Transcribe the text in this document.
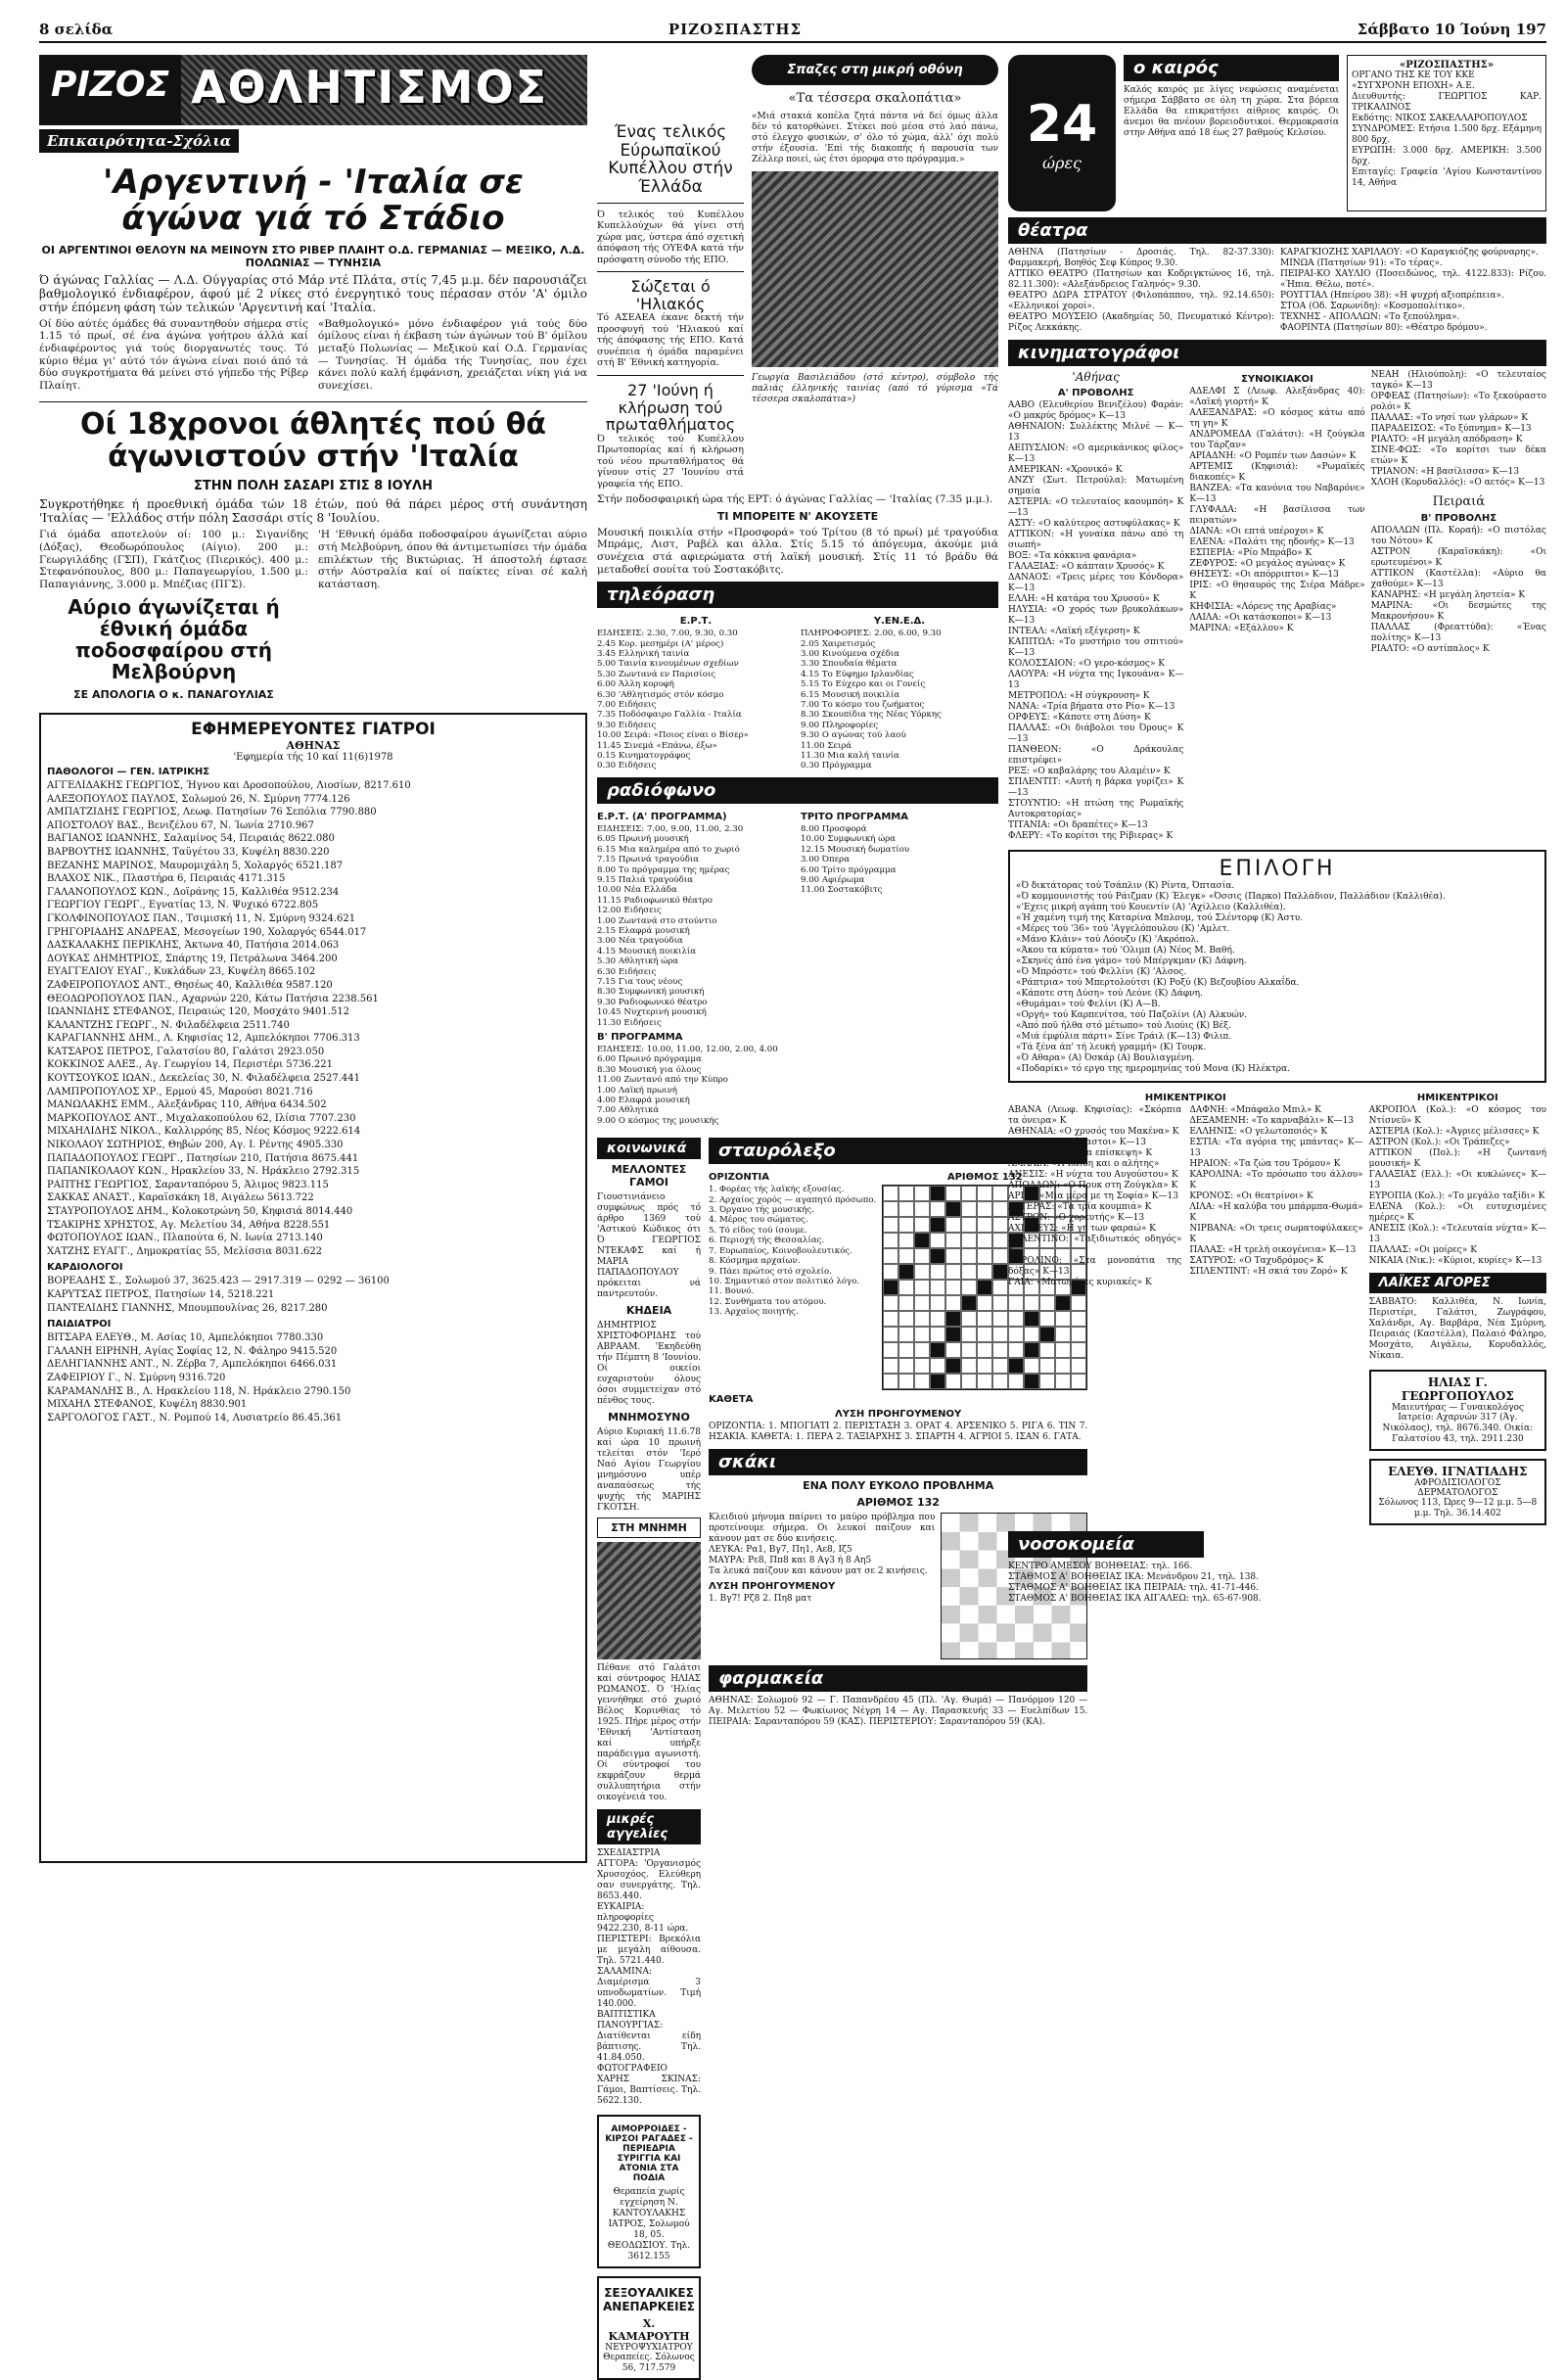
8 σελίδα	ΡΙΖΟΣΠΑΣΤΗΣ	Σάββατο 10 Ίούνη 197
ΡΙΖΟΣ ΑΘΛΗΤΙΣΜΟΣ
Επικαιρότητα-Σχόλια
'Αργεντινή - 'Ιταλία σε άγώνα γιά τό Στάδιο
ΟΙ ΑΡΓΕΝΤΙΝΟΙ ΘΕΛΟΥΝ ΝΑ ΜΕΙΝΟΥΝ ΣΤΟ ΡΙΒΕΡ ΠΛΑΙΗΤ Ο.Δ. ΓΕΡΜΑΝΙΑΣ — ΜΕΞΙΚΟ, Λ.Δ. ΠΟΛΩΝΙΑΣ — ΤΥΝΗΣΙΑ

Ό άγώνας Γαλλίας — Λ.Δ. Ούγγαρίας στό Μάρ ντέ Πλάτα, στίς 7,45 μ.μ. δέν παρουσιάζει βαθμολογικό ένδιαφέρον, άφού μέ 2 νίκες στό ένεργητικό τους πέρασαν στόν 'Α' όμιλο στήν έπόμενη φάση τών τελικών 'Αργεντινή καί 'Ιταλία.

Οί δύο αύτές όμάδες θά συναντηθούν σήμερα στίς 1.15 τό πρωί, σέ ένα άγώνα γοήτρου άλλά καί ένδιαφέροντος γιά τούς διοργανωτές τους. Τό κύριο θέμα γι' αύτό τόν άγώνα είναι ποιό άπό τά δύο συγκροτήματα θά μείνει στό γήπεδο τής Ρίβερ Πλαίητ.

«Βαθμολογικό» μόνο ένδιαφέρον γιά τούς δύο όμίλους είναι ή έκβαση τών άγώνων τού Β' όμίλου μεταξύ Πολωνίας — Μεξικού καί Ο.Δ. Γερμανίας — Τυνησίας. Ή όμάδα τής Τυνησίας, που έχει κάνει πολύ καλή έμφάνιση, χρειάζεται νίκη γιά να συνεχίσει.

Οί 18χρονοι άθλητές πού θά άγωνιστούν στήν 'Ιταλία
ΣΤΗΝ ΠΟΛΗ ΣΑΣΑΡΙ ΣΤΙΣ 8 ΙΟΥΛΗ

Συγκροτήθηκε ή προεθνική όμάδα τών 18 έτών, πού θά πάρει μέρος στή συνάντηση 'Ιταλίας — 'Ελλάδος στήν πόλη Σασσάρι στίς 8 'Ιουλίου.

Γιά όμάδα αποτελούν οί: 100 μ.: Σιγανίδης (Δόξας), Θεοδωρόπουλος (Αίγιο). 200 μ.: Γεωργιλάδης (ΓΣΠ), Γκάτζιος (Πιερικός). 400 μ.: Στεφανόπουλος, 800 μ.: Παπαγεωργίου, 1.500 μ.: Παπαγιάννης, 3.000 μ. Μπέζιας (ΠΓΣ).

Αύριο άγωνίζεται ή έθνική όμάδα ποδοσφαίρου στή Μελβούρνη
ΣΕ ΑΠΟΛΟΓΙΑ Ο κ. ΠΑΝΑΓΟΥΛΙΑΣ

'Η 'Εθνική όμάδα ποδοσφαίρου άγωνίζεται αύριο στή Μελβούρνη, όπου θά άντιμετωπίσει τήν όμάδα επιλέκτων τής Βικτώριας. Ή άποστολή έφτασε στήν Αύστραλία καί οί παίκτες είναι σέ καλή κατάσταση.

ΕΦΗΜΕΡΕΥΟΝΤΕΣ ΓΙΑΤΡΟΙ
ΑΘΗΝΑΣ
'Εφημερία τής 10 καί 11(6)1978
ΠΑΘΟΛΟΓΟΙ — ΓΕΝ. ΙΑΤΡΙΚΗΣ
ΑΓΓΕΛΙΔΑΚΗΣ ΓΕΩΡΓΙΟΣ, Ήγνου και Δροσοπούλου, Λιοσίων, 8217.610
ΑΛΕΞΟΠΟΥΛΟΣ ΠΑΥΛΟΣ, Σολωμού 26, Ν. Σμύρνη 7774.126
ΑΜΠΑΤΖΙΔΗΣ ΓΕΩΡΓΙΟΣ, Λεωφ. Πατησίων 76 Σεπόλια 7790.880
ΑΠΟΣΤΟΛΟΥ ΒΑΣ., Βενιζέλου 67, Ν. Ίωνία 2710.967
ΒΑΓΙΑΝΟΣ ΙΩΑΝΝΗΣ, Σαλαμίνος 54, Πειραιάς 8622.080
ΒΑΡΒΟΥΤΗΣ ΙΩΑΝΝΗΣ, Ταϋγέτου 33, Κυψέλη 8830.220
ΒΕΖΑΝΗΣ ΜΑΡΙΝΟΣ, Μαυρομιχάλη 5, Χολαργός 6521.187
ΒΛΑΧΟΣ ΝΙΚ., Πλαστήρα 6, Πειραιάς 4171.315
ΓΑΛΑΝΟΠΟΥΛΟΣ ΚΩΝ., Δοϊράνης 15, Καλλιθέα 9512.234
ΓΕΩΡΓΙΟΥ ΓΕΩΡΓ., Εγνατίας 13, Ν. Ψυχικό 6722.805
ΓΚΟΛΦΙΝΟΠΟΥΛΟΣ ΠΑΝ., Τσιμισκή 11, Ν. Σμύρνη 9324.621
ΓΡΗΓΟΡΙΑΔΗΣ ΑΝΔΡΕΑΣ, Μεσογείων 190, Χολαργός 6544.017
ΔΑΣΚΑΛΑΚΗΣ ΠΕΡΙΚΛΗΣ, Άκτωνα 40, Πατήσια 2014.063
ΔΟΥΚΑΣ ΔΗΜΗΤΡΙΟΣ, Σπάρτης 19, Πετράλωνα 3464.200
ΕΥΑΓΓΕΛΙΟΥ ΕΥΑΓ., Κυκλάδων 23, Κυψέλη 8665.102
ΖΑΦΕΙΡΟΠΟΥΛΟΣ ΑΝΤ., Θησέως 40, Καλλιθέα 9587.120
ΘΕΟΔΩΡΟΠΟΥΛΟΣ ΠΑΝ., Αχαρνών 220, Κάτω Πατήσια 2238.561
ΙΩΑΝΝΙΔΗΣ ΣΤΕΦΑΝΟΣ, Πειραιώς 120, Μοσχάτο 9401.512
ΚΑΛΑΝΤΖΗΣ ΓΕΩΡΓ., Ν. Φιλαδέλφεια 2511.740
ΚΑΡΑΓΙΑΝΝΗΣ ΔΗΜ., Λ. Κηφισίας 12, Αμπελόκηποι 7706.313
ΚΑΤΣΑΡΟΣ ΠΕΤΡΟΣ, Γαλατσίου 80, Γαλάτσι 2923.050
ΚΟΚΚΙΝΟΣ ΑΛΕΞ., Αγ. Γεωργίου 14, Περιστέρι 5736.221
ΚΟΥΤΣΟΥΚΟΣ ΙΩΑΝ., Δεκελείας 30, Ν. Φιλαδέλφεια 2527.441
ΛΑΜΠΡΟΠΟΥΛΟΣ ΧΡ., Ερμού 45, Μαρούσι 8021.716
ΜΑΝΩΛΑΚΗΣ ΕΜΜ., Αλεξάνδρας 110, Αθήνα 6434.502
ΜΑΡΚΟΠΟΥΛΟΣ ΑΝΤ., Μιχαλακοπούλου 62, Ιλίσια 7707.230
ΜΙΧΑΗΛΙΔΗΣ ΝΙΚΟΛ., Καλλιρρόης 85, Νέος Κόσμος 9222.614
ΝΙΚΟΛΑΟΥ ΣΩΤΗΡΙΟΣ, Θηβών 200, Αγ. Ι. Ρέντης 4905.330
ΠΑΠΑΔΟΠΟΥΛΟΣ ΓΕΩΡΓ., Πατησίων 210, Πατήσια 8675.441
ΠΑΠΑΝΙΚΟΛΑΟΥ ΚΩΝ., Ηρακλείου 33, Ν. Ηράκλειο 2792.315
ΡΑΠΤΗΣ ΓΕΩΡΓΙΟΣ, Σαρανταπόρου 5, Άλιμος 9823.115
ΣΑΚΚΑΣ ΑΝΑΣΤ., Καραϊσκάκη 18, Αιγάλεω 5613.722
ΣΤΑΥΡΟΠΟΥΛΟΣ ΔΗΜ., Κολοκοτρώνη 50, Κηφισιά 8014.440
ΤΣΑΚΙΡΗΣ ΧΡΗΣΤΟΣ, Αγ. Μελετίου 34, Αθήνα 8228.551
ΦΩΤΟΠΟΥΛΟΣ ΙΩΑΝ., Πλαπούτα 6, Ν. Ιωνία 2713.140
ΧΑΤΖΗΣ ΕΥΑΓΓ., Δημοκρατίας 55, Μελίσσια 8031.622
ΚΑΡΔΙΟΛΟΓΟΙ
ΒΟΡΕΑΔΗΣ Σ., Σολωμού 37, 3625.423 — 2917.319 — 0292 — 36100
ΚΑΡΥΤΣΑΣ ΠΕΤΡΟΣ, Πατησίων 14, 5218.221
ΠΑΝΤΕΛΙΔΗΣ ΓΙΑΝΝΗΣ, Μπουμπουλίνας 26, 8217.280
ΠΑΙΔΙΑΤΡΟΙ
ΒΙΤΣΑΡΑ ΕΛΕΥΘ., Μ. Ασίας 10, Αμπελόκηποι 7780.330
ΓΑΛΑΝΗ ΕΙΡΗΝΗ, Αγίας Σοφίας 12, Ν. Φάληρο 9415.520
ΔΕΛΗΓΙΑΝΝΗΣ ΑΝΤ., Ν. Ζέρβα 7, Αμπελόκηποι 6466.031
ΖΑΦΕΙΡΙΟΥ Γ., Ν. Σμύρνη 9316.720
ΚΑΡΑΜΑΝΛΗΣ Β., Λ. Ηρακλείου 118, Ν. Ηράκλειο 2790.150
ΜΙΧΑΗΛ ΣΤΕΦΑΝΟΣ, Κυψέλη 8830.901
ΣΑΡΓΟΛΟΓΟΣ ΓΑΣΤ., Ν. Ρομπού 14, Λυσιατρείο 86.45.361
Ένας τελικός Εύρωπαϊκού Κυπέλλου στήν Έλλάδα

Ό τελικός τού Κυπέλλου Κυπελλούχων θά γίνει στή χώρα μας, ύστερα άπό σχετική άπόφαση τής ΟΥΕΦΑ κατά τήν πρόσφατη σύνοδο τής ΕΠΟ.

Σώζεται ό 'Ηλιακός

Τό ΑΣΕΑΕΑ έκανε δεκτή τήν προσφυγή τού 'Ηλιακού καί τής άπόφασης τής ΕΠΟ. Κατά συνέπεια ή όμάδα παραμένει στή Β' Έθνική κατηγορία.

27 'Ιούνη ή κλήρωση τού πρωταθλήματος

Ό τελικός τού Κυπέλλου Πρωτοπορίας καί ή κλήρωση τού νέου πρωταθλήματος θά γίνουν στίς 27 'Ιουνίου στά γραφεία τής ΕΠΟ.

Σπαζες στη μικρή οθόνη
«Τα τέσσερα σκαλοπάτια»

«Μιά στακιά κοπέλα ζητά πάντα νά δεί όμως άλλα δέν τό κατορθώνει. Στέκει πού μέσα στό λαό πάνω, στό έλεγχο φυσικών, σ' όλο τό χώμα, άλλ' όχι πολύ στήν έξουσία. 'Επί τής διακοπής ή παρουσία των Ζέλλερ ποιεί, ώς έτσι όμορφα στο πρόγραμμα.»

Γεωργία Βασιλειάδου (στό κέντρο), σύμβολο τής παλιάς έλληνικής ταινίας (από τό γύρισμα «Τά τέσσερα σκαλοπάτια»)

Στήν ποδοσφαιρική ώρα τής ΕΡΤ: ό άγώνας Γαλλίας — 'Ιταλίας (7.35 μ.μ.).

ΤΙ ΜΠΟΡΕΙΤΕ Ν' ΑΚΟΥΣΕΤΕ

Μουσική ποικιλία στήν «Προσφορά» τού Τρίτου (8 τό πρωί) μέ τραγούδια Μπράμς, Λιστ, Ραβέλ και άλλα. Στίς 5.15 τό άπόγευμα, άκούμε μιά συνέχεια στά αφιερώματα στή λαϊκή μουσική. Στίς 11 τό βράδυ θά μεταδοθεί σουίτα τού Σοστακόβιτς.

τηλεόραση
Ε.Ρ.Τ.
ΕΙΔΗΣΕΙΣ: 2.30, 7.00, 9.30, 0.30
2.45 Κορ. μεσημέρι (Α' μέρος)
3.45 Ελληνική ταινία
5.00 Ταινία κινουμένων σχεδίων
5.30 Ζωντανά εν Παρισίοις
6.00 Άλλη κορυφή
6.30 'Αθλητισμός στόν κόσμο
7.00 Ειδήσεις
7.35 Ποδόσφαιρο Γαλλία - Ιταλία
9.30 Ειδήσεις
10.00 Σειρά: «Ποιος είναι ο Βίσερ»
11.45 Σινεμά «Επάνω, έξω»
0.15 Κινηματογράφος
0.30 Ειδήσεις
Υ.ΕΝ.Ε.Δ.
ΠΛΗΡΟΦΟΡΙΕΣ: 2.00, 6.00, 9.30
2.05 Χαιρετισμός
3.00 Κινούμενα σχέδια
3.30 Σπουδαία θέματα
4.15 Το Εύφημο Ιρλανδίας
5.15 Το Εύχερο και οι Γονείς
6.15 Μουσική ποικιλία
7.00 Το κόσμο του ζωήματος
8.30 Σκουπίδια της Νέας Υόρκης
9.00 Πληροφορίες
9.30 Ο αγώνας τού λαού
11.00 Σειρά
11.30 Μια καλή ταινία
0.30 Πρόγραμμα
ραδιόφωνο
Ε.Ρ.Τ. (Α' ΠΡΟΓΡΑΜΜΑ)
ΕΙΔΗΣΕΙΣ: 7.00, 9.00, 11.00, 2.30
6.05 Πρωινή μουσική
6.15 Μια καλημέρα από το χωριό
7.15 Πρωινά τραγούδια
8.00 Το πρόγραμμα της ημέρας
9.15 Παλιά τραγούδια
10.00 Νέα Ελλάδα
11.15 Ραδιοφωνικό θέατρο
12.00 Ειδήσεις
1.00 Ζωντανά στο στούντιο
2.15 Ελαφρά μουσική
3.00 Νέα τραγούδια
4.15 Μουσική ποικιλία
5.30 Αθλητική ώρα
6.30 Ειδήσεις
7.15 Για τους νέους
8.30 Συμφωνική μουσική
9.30 Ραδιοφωνικό θέατρο
10.45 Νυχτερινή μουσική
11.30 Ειδήσεις
Β' ΠΡΟΓΡΑΜΜΑ
ΕΙΔΗΣΕΙΣ: 10.00, 11.00, 12.00, 2.00, 4.00
6.00 Πρωινό πρόγραμμα
8.30 Μουσική για όλους
11.00 Ζωντανό από την Κύπρο
1.00 Λαϊκή πρωινή
4.00 Ελαφρά μουσική
7.00 Αθλητικά
9.00 Ο κόσμος της μουσικής
ΤΡΙΤΟ ΠΡΟΓΡΑΜΜΑ
8.00 Προσφορά
10.00 Συμφωνική ώρα
12.15 Μουσική δωματίου
3.00 Όπερα
6.00 Τρίτο πρόγραμμα
9.00 Αφιέρωμα
11.00 Σοστακόβιτς
κοινωνικά
ΜΕΛΛΟΝΤΕΣ ΓΑΜΟΙ

Γιουστινιάνειο συμφώνως πρός τό άρθρο 1369 τού 'Αστικού Κώδικος ότι Ό ΓΕΩΡΓΙΟΣ ΝΤΕΚΑΦΣ καί ή ΜΑΡΙΑ ΠΑΠΑΔΟΠΟΥΛΟΥ πρόκειται νά παντρευτούν.

ΚΗΔΕΙΑ

ΔΗΜΗΤΡΙΟΣ ΧΡΙΣΤΟΦΟΡΙΔΗΣ τού ΑΒΡΑΑΜ. 'Εκηδεύθη τήν Πέμπτη 8 'Ιουνίου. Οί οικείοι ευχαριστούν όλους όσοι συμμετείχαν στό πένθος τους.

ΜΝΗΜΟΣΥΝΟ

Αύριο Κυριακή 11.6.78 καί ώρα 10 πρωινή τελείται στόν 'Ιερό Ναό Αγίου Γεωργίου μνημόσυνο υπέρ αναπαύσεως τής ψυχής τής ΜΑΡΙΗΣ ΓΚΟΤΣΗ.

ΣΤΗ ΜΝΗΜΗ

Πέθανε στό Γαλάτσι καί σύντροφος ΗΛΙΑΣ ΡΩΜΑΝΟΣ. Ό 'Ηλίας γεννήθηκε στό χωριό Βέλος Κορινθίας τό 1925. Πήρε μέρος στήν 'Εθνική 'Αντίσταση καί υπήρξε παράδειγμα αγωνιστή. Οί σύντροφοί του εκφράζουν θερμά συλλυπητήρια στήν οικογένειά του.

μικρές αγγελίες
ΣΧΕΔΙΑΣΤΡΙΑ ΑΓΓΟΡΑ: 'Οργανισμός Χρυσοχόος. Ελεύθερη σαν συνεργάτης. Τηλ. 8653.440.
ΕΥΚΑΙΡΙΑ: πληροφορίες 9422.230, 8-11 ώρα.
ΠΕΡΙΣΤΕΡΙ: Βρεκόλια με μεγάλη αίθουσα. Τηλ. 5721.440.
ΣΑΛΑΜΙΝΑ: Διαμέρισμα 3 υπνοδωματίων. Τιμή 140.000.
ΒΑΠΤΙΣΤΙΚΑ ΠΑΝΟΥΡΓΙΑΣ: Διατίθενται είδη βάπτισης. Τηλ. 41.84.050.
ΦΩΤΟΓΡΑΦΕΙΟ ΧΑΡΗΣ ΣΚΙΝΑΣ: Γάμοι, Βαπτίσεις. Τηλ. 5622.130.
ΑΙΜΟΡΡΟΙΔΕΣ - ΚΙΡΣΟΙ ΡΑΓΑΔΕΣ - ΠΕΡΙΕΔΡΙΑ ΣΥΡΙΓΓΙΑ ΚΑΙ ΑΤΟΝΙΑ ΣΤΑ ΠΟΔΙΑ

Θεραπεία χωρίς εγχείρηση Ν. ΚΑΝΤΟΥΛΑΚΗΣ ΙΑΤΡΟΣ, Σολωμού 18, 05. ΘΕΟΔΩΣΙΟΥ. Τηλ. 3612.155

ΣΕΞΟΥΑΛΙΚΕΣ ΑΝΕΠΑΡΚΕΙΕΣ
Χ. ΚΑΜΑΡΟΥΤΗ
ΝΕΥΡΟΨΥΧΙΑΤΡΟΥ

Θεραπείες. Σόλωνος 56, 717.579

σταυρόλεξο
ΟΡΙΖΟΝΤΙΑ
1. Φορέας τής λαϊκής εξουσίας.
2. Αρχαίος χορός — αγαπητό πρόσωπο.
3. Όργανο τής μουσικής.
4. Μέρος του σώματος.
5. Τό είδος τού ίσουμε.
6. Περιοχή τής Θεσσαλίας.
7. Ευρωπαίος, Κοινοβουλευτικός.
8. Κόσμημα αρχαίων.
9. Πάει πρώτος στό σχολείο.
10. Σημαντικό στον πολιτικό λόγο.
11. Βουνό.
12. Συνθήματα του ατόμου.
13. Αρχαίος ποιητής.
ΑΡΙΘΜΟΣ 132
ΚΑΘΕΤΑ
ΛΥΣΗ ΠΡΟΗΓΟΥΜΕΝΟΥ

ΟΡΙΖΟΝΤΙΑ: 1. ΜΠΟΓΙΑΤΙ 2. ΠΕΡΙΣΤΑΣΗ 3. ΟΡΑΤ 4. ΑΡΣΕΝΙΚΟ 5. ΡΙΓΑ 6. ΤΙΝ 7. ΗΣΑΚΙΑ. ΚΑΘΕΤΑ: 1. ΠΕΡΑ 2. ΤΑΞΙΑΡΧΗΣ 3. ΣΠΑΡΤΗ 4. ΑΓΡΙΟΙ 5. ΙΣΑΝ 6. ΓΑΤΑ.

σκάκι
ΕΝΑ ΠΟΛΥ ΕΥΚΟΛΟ ΠΡΟΒΛΗΜΑ
ΑΡΙΘΜΟΣ 132

Κλειδιού μήνυμα παίρνει το μαύρο πρόβλημα που προτείνουμε σήμερα. Οι λευκοί παίζουν και κάνουν ματ σε δύο κινήσεις.

ΛΕΥΚΑ: Ρα1, Βγ7, Πη1, Αε8, Ιζ5

ΜΑΥΡΑ: Ρε8, Ππ8 και 8 Αγ3 ή 8 Αη5

Τα λευκά παίζουν και κάνουν ματ σε 2 κινήσεις.

ΛΥΣΗ ΠΡΟΗΓΟΥΜΕΝΟΥ

1. Βγ7! Ρζ8 2. Πη8 ματ

φαρμακεία

ΑΘΗΝΑΣ: Σολωμού 92 — Γ. Παπανδρέου 45 (Πλ. 'Αγ. Θωμά) — Πανόρμου 120 — Αγ. Μελετίου 52 — Φωκίωνος Νέγρη 14 — Αγ. Παρασκευής 33 — Ευελπίδων 15. ΠΕΙΡΑΙΑ: Σαρανταπόρου 59 (ΚΑΣ). ΠΕΡΙΣΤΕΡΙΟΥ: Σαρανταπόρου 59 (ΚΑ).

24
ώρες
ο καιρός

Καλός καιρός με λίγες νεφώσεις αναμένεται σήμερα Σάββατο σε όλη τη χώρα. Στα βόρεια Ελλάδα θα επικρατήσει αίθριος καιρός. Οι άνεμοι θα πνέουν βορειοδυτικοί. Θερμοκρασία στην Αθήνα από 18 έως 27 βαθμούς Κελσίου.

«ΡΙΖΟΣΠΑΣΤΗΣ»
ΟΡΓΑΝΟ ΤΗΣ ΚΕ ΤΟΥ ΚΚΕ
«ΣΥΓΧΡΟΝΗ ΕΠΟΧΗ» Α.Ε.
Διευθυντής: ΓΕΩΡΓΙΟΣ ΚΑΡ. ΤΡΙΚΑΛΙΝΟΣ
Εκδότης: ΝΙΚΟΣ ΣΑΚΕΛΛΑΡΟΠΟΥΛΟΣ
ΣΥΝΔΡΟΜΕΣ: Ετήσια 1.500 δρχ. Εξάμηνη 800 δρχ.
ΕΥΡΩΠΗ: 3.000 δρχ. ΑΜΕΡΙΚΗ: 3.500 δρχ.
Επιταγές: Γραφεία 'Αγίου Κωνσταντίνου 14, Αθήνα
θέατρα
ΑΘΗΝΑ (Πατησίων - Δροσιάς. Τηλ. 82-37.330): Φαρμακερή, Βοηθός Σεφ Κύπρος 9.30.
ΑΤΤΙΚΟ ΘΕΑΤΡΟ (Πατησίων και Κοδριγκτώνος 16, τηλ. 82.11.300): «Αλεξάνδρειος Γαληνός» 9.30.
ΘΕΑΤΡΟ ΔΩΡΑ ΣΤΡΑΤΟΥ (Φιλοπάππου, τηλ. 92.14.650): «Ελληνικοί χοροί».
ΘΕΑΤΡΟ ΜΟΥΣΕΙΟ (Ακαδημίας 50, Πνευματικό Κέντρο): Ρίζος Λεκκάκης.
ΚΑΡΑΓΚΙΟΖΗΣ ΧΑΡΙΛΑΟΥ: «Ο Καραγκιόζης φούρναρης».
ΜΙΝΩΑ (Πατησίων 91): «Το τέρας».
ΠΕΙΡΑΙ-ΚΟ ΧΑΥΛΙΟ (Ποσειδώνος, τηλ. 4122.833): Ρίζου. «Ήπια. Θέλω, ποτέ».
ΡΟΥΓΓΙΑΛ (Ηπείρου 38): «Η ψυχρή αξιοπρέπεια».
ΣΤΟΑ (Οδ. Σαρωνίδη): «Κοσμοπολίτικο».
ΤΕΧΝΗΣ - ΑΠΟΛΛΩΝ: «Το ξεπούλημα».
ΦΑΟΡΙΝΤΑ (Πατησίων 80): «Θέατρο δρόμου».
κινηματογράφοι
'Αθήνας
Α' ΠΡΟΒΟΛΗΣ
ΑΑΒΟ (Ελευθερίου Βενιζέλου) Φαράν: «Ο μακρύς δρόμος» Κ—13
ΑΘΗΝΑΙΟΝ: Συλλέκτης Μιλνέ — Κ—13
ΑΕΠΥΣΛΙΟΝ: «Ο αμερικάνικος φίλος» Κ—13
ΑΜΕΡΙΚΑΝ: «Χρονικό» Κ
ΑΝΖΥ (Σωτ. Πετρούλα): Ματωμένη σημαία
ΑΣΤΕΡΙΑ: «Ο τελευταίος καουμπόη» Κ—13
ΑΣΤΥ: «Ο καλύτερος αστυφύλακας» Κ
ΑΤΤΙΚΟΝ: «Η γυναίκα πάνω από τη σιωπή»
ΒΟΞ: «Τα κόκκινα φανάρια»
ΓΑΛΑΞΙΑΣ: «Ο κάπταιν Χρυσός» Κ
ΔΑΝΑΟΣ: «Τρεις μέρες του Κόνδορα» Κ—13
ΕΛΛΗ: «Η κατάρα του Χρυσού» Κ
ΗΛΥΣΙΑ: «Ο χορός των βρυκολάκων» Κ—13
ΙΝΤΕΑΛ: «Λαϊκή εξέγερση» Κ
ΚΑΠΙΤΩΛ: «Το μυστήριο του σπιτιού» Κ—13
ΚΟΛΟΣΣΑΙΟΝ: «Ο γερο-κόσμος» Κ
ΛΑΟΥΡΑ: «Η νύχτα της Ιγκουάνα» Κ—13
ΜΕΤΡΟΠΟΛ: «Η σύγκρουση» Κ
ΝΑΝΑ: «Τρία βήματα στο Ρίο» Κ—13
ΟΡΦΕΥΣ: «Κάποτε στη Δύση» Κ
ΠΑΛΛΑΣ: «Οι διάβολοι του Όρους» Κ—13
ΠΑΝΘΕΟΝ: «Ο Δράκουλας επιστρέφει»
ΡΕΞ: «Ο καβαλάρης του Αλαμέιν» Κ
ΣΠΛΕΝΤΙΤ: «Αυτή η βάρκα γυρίζει» Κ—13
ΣΤΟΥΝΤΙΟ: «Η πτώση της Ρωμαϊκής Αυτοκρατορίας»
ΤΙΤΑΝΙΑ: «Οι δραπέτες» Κ—13
ΦΛΕΡΥ: «Το κορίτσι της Ρίβιερας» Κ
ΣΥΝΟΙΚΙΑΚΟΙ
ΑΔΕΛΦΙ Σ (Λεωφ. Αλεξάνδρας 40): «Λαϊκή γιορτή» Κ
ΑΛΕΞΑΝΔΡΑΣ: «Ο κόσμος κάτω από τη γη» Κ
ΑΝΔΡΟΜΕΔΑ (Γαλάτσι): «Η ζούγκλα του Τάρζαν»
ΑΡΙΑΔΝΗ: «Ο Ρομπέν των Δασών» Κ
ΑΡΤΕΜΙΣ (Κηφισιά): «Ρωμαϊκές διακοπές» Κ
ΒΑΝΖΕΑ: «Τα κανόνια του Ναβαρόνε» Κ—13
ΓΛΥΦΑΔΑ: «Η βασίλισσα των πειρατών»
ΔΙΑΝΑ: «Οι επτά υπέροχοι» Κ
ΕΛΕΝΑ: «Παλάτι της ηδονής» Κ—13
ΕΣΠΕΡΙΑ: «Ρίο Μπράβο» Κ
ΖΕΦΥΡΟΣ: «Ο μεγάλος αγώνας» Κ
ΘΗΣΕΥΣ: «Οι απόρριπτοι» Κ—13
ΙΡΙΣ: «Ο θησαυρός της Σιέρα Μάδρε» Κ
ΚΗΦΙΣΙΑ: «Λόρενς της Αραβίας»
ΛΑΙΛΑ: «Οι κατάσκοποι» Κ—13
ΜΑΡΙΝΑ: «Εξάλλου» Κ
ΝΕΑΗ (Ηλιούπολη): «Ο τελευταίος ταγκό» Κ—13
ΟΡΦΕΑΣ (Πατησίων): «Το ξεκούραστο ρολόι» Κ
ΠΑΛΛΑΣ: «Το νησί των γλάρων» Κ
ΠΑΡΑΔΕΙΣΟΣ: «Το ξύπνημα» Κ—13
ΡΙΑΛΤΟ: «Η μεγάλη απόδραση» Κ
ΣΙΝΕ-ΦΩΣ: «Το κορίτσι των δέκα ετών» Κ
ΤΡΙΑΝΟΝ: «Η βασίλισσα» Κ—13
ΧΛΟΗ (Κορυδαλλός): «Ο αετός» Κ—13
Πειραιά
Β' ΠΡΟΒΟΛΗΣ
ΑΠΟΛΛΩΝ (Πλ. Κοραή): «Ο πιστόλας του Νότου» Κ
ΑΣΤΡΟΝ (Καραϊσκάκη): «Οι ερωτευμένοι» Κ
ΑΤΤΙΚΟΝ (Καστέλλα): «Αύριο θα χαθούμε» Κ—13
ΚΑΝΑΡΗΣ: «Η μεγάλη ληστεία» Κ
ΜΑΡΙΝΑ: «Οι δεσμώτες της Μακρονήσου» Κ
ΠΑΛΛΑΣ (Φρεαττύδα): «Ένας πολίτης» Κ—13
ΡΙΑΛΤΟ: «Ο αντίπαλος» Κ
ΕΠΙΛΟΓΗ
«Ό δικτάτορας τού Τσάπλιν (Κ) Ρίντα, Όπτασία.
«Ό κομμουνιστής τού Ράιζμαν (Κ) Έλεγκ» «Όσσις (Παρκο) Παλλάδιον, Παλλάδιον (Καλλιθέα).
«'Εχεις μικρή αγάπη τού Κουεντίν (Α) 'Αχίλλειο (Καλλιθέα).
«Ή χαμένη τιμή της Καταρίνα Μπλουμ, τού Σλέντορφ (Κ) Άστυ.
«Μέρες τού '36» τού 'Αγγελόπουλου (Κ) 'Αμλετ.
«Μάνο Κλάιν» τού Λόουζυ (Κ) 'Ακρόπολ.
«Άκου τα κύματα» τού 'Ολιμπ (Α) Νέος Μ. Βαθή.
«Σκηνές άπό ένα γάμο» τού Μπέργκμαν (Κ) Δάφνη.
«Ό Μπρόστε» τού Φελλίνι (Κ) 'Αλσος.
«Ράπτρια» τού Μπερτολούτσι (Κ) Ροξύ (Κ) Βεζουβίου Αλκαΐδα.
«Κάποτε στη Δύση» τού Λεόνε (Κ) Δάφνη.
«Θυμάμαι» τού Φελίνι (Κ) Α—Β.
«Οργή» τού Καρπενίτσα, τού Παζολίνι (Α) Αλκυών.
«Άπό ποϋ ήλθα στό μέτωπο» τού Λιούις (Κ) Βέξ.
«Μιά έμφύλια πάρτι» Σίνε Τράιλ (Κ—13) Φιλιπ.
«Τά ξένα άπ' τή λευκή γραμμή» (Κ) Τουρκ.
«Ό Αθαρα» (Α) Όσκάρ (Α) Βουλιαγμένη.
«Ποδαρίκι» τό εργο της ημερομηνίας τού Μονα (Κ) Ηλέκτρα.
ΗΜΙΚΕΝΤΡΙΚΟΙ
ΑΒΑΝΑ (Λεωφ. Κηφισίας): «Σκόρπια τα όνειρα» Κ
ΑΘΗΝΑΙΑ: «Ο χρυσός του Μακένα» Κ
ΑΙΓΛΗ: «Οι αδάμαστοι» Κ—13
ΑΛΚΥΩΝ: «Κάποια επίσκεψη» Κ
ΑΜΑΛΙΑ: «Η λαίδη και ο αλήτης»
ΑΝΕΣΙΣ: «Η νύχτα του Αυγούστου» Κ
ΑΠΟΛΛΩΝ: «Ο Πουκ στη Ζούγκλα» Κ
ΑΡΓΩ: «Μια μέρα με τη Σοφία» Κ—13
ΑΣΤΕΡΑΣ: «Τα τρία κουμπιά» Κ
ΑΣΤΡΟΝ: «Ο χορευτής» Κ—13
ΑΧΙΛΛΕΥΣ: «Η γη των φαραώ» Κ
ΒΑΛΕΝΤΙΝΟ: «Ταξιδιωτικός οδηγός» Κ
ΒΕΡΟΛΙΝΟ: «Στα μονοπάτια της δόξας» Κ—13
ΓΑΙΑ: «Ματωμένες κυριακές» Κ
ΔΑΦΝΗ: «Μπάφαλο Μπιλ» Κ
ΔΕΞΑΜΕΝΗ: «Το καρναβάλι» Κ—13
ΕΛΛΗΝΙΣ: «Ο γελωτοποιός» Κ
ΕΣΤΙΑ: «Τα αγόρια της μπάντας» Κ—13
ΗΡΑΙΟΝ: «Τα ζώα του Τρόμου» Κ
ΚΑΡΟΛΙΝΑ: «Το πρόσωπο του άλλου» Κ
ΚΡΟΝΟΣ: «Οι θεατρίνοι» Κ
ΛΙΛΑ: «Η καλύβα του μπάρμπα-Θωμά» Κ
ΝΙΡΒΑΝΑ: «Οι τρεις σωματοφύλακες» Κ
ΠΑΛΑΣ: «Η τρελή οικογένεια» Κ—13
ΣΑΤΥΡΟΣ: «Ο Ταχυδρόμος» Κ
ΣΠΛΕΝΤΙΝΤ: «Η σκιά του Ζορό» Κ
ΗΜΙΚΕΝΤΡΙΚΟΙ
ΑΚΡΟΠΟΛ (Κολ.): «Ο κόσμος του Ντίσνεϋ» Κ
ΑΣΤΕΡΙΑ (Κολ.): «Άγριες μέλισσες» Κ
ΑΣΤΡΟΝ (Κολ.): «Οι Τράπεζες»
ΑΤΤΙΚΟΝ (Πολ.): «Η ζωντανή μουσική» Κ
ΓΑΛΑΞΙΑΣ (Ελλ.): «Οι κυκλώνες» Κ—13
ΕΥΡΟΠΙΑ (Κολ.): «Το μεγάλο ταξίδι» Κ
ΕΛΕΝΑ (Κολ.): «Οι ευτυχισμένες ημέρες» Κ
ΑΝΕΣΙΣ (Κολ.): «Τελευταία νύχτα» Κ—13
ΠΑΛΛΑΣ: «Οι μοίρες» Κ
ΝΙΚΑΙΑ (Νικ.): «Κύριοι, κυρίες» Κ—13
ΛΑΪΚΕΣ ΑΓΟΡΕΣ

ΣΑΒΒΑΤΟ: Καλλιθέα, Ν. Ιωνία, Περιστέρι, Γαλάτσι, Ζωγράφου, Χαλάνδρι, Αγ. Βαρβάρα, Νέα Σμύρνη, Πειραιάς (Καστέλλα), Παλαιό Φάληρο, Μοσχάτο, Αιγάλεω, Κορυδαλλός, Νίκαια.

ΗΛΙΑΣ Γ. ΓΕΩΡΓΟΠΟΥΛΟΣ
Μαιευτήρας — Γυναικολόγος

Ιατρείο: Αχαρνών 317 (Άγ. Νικόλαος), τηλ. 8676.340. Οικία: Γαλατσίου 43, τηλ. 2911.230

ΕΛΕΥΘ. ΙΓΝΑΤΙΑΔΗΣ
ΑΦΡΟΔΙΣΙΟΛΟΓΟΣ ΔΕΡΜΑΤΟΛΟΓΟΣ

Σόλωνος 113, Ώρες 9—12 μ.μ. 5—8 μ.μ. Τηλ. 36.14.402

νοσοκομεία
ΚΕΝΤΡΟ ΑΜΕΣΟΥ ΒΟΗΘΕΙΑΣ: τηλ. 166.
ΣΤΑΘΜΟΣ Α' ΒΟΗΘΕΙΑΣ ΙΚΑ: Μενάνδρου 21, τηλ. 138.
ΣΤΑΘΜΟΣ Α' ΒΟΗΘΕΙΑΣ ΙΚΑ ΠΕΙΡΑΙΑ: τηλ. 41-71-446.
ΣΤΑΘΜΟΣ Α' ΒΟΗΘΕΙΑΣ ΙΚΑ ΑΙΓΑΛΕΩ: τηλ. 65-67-908.
